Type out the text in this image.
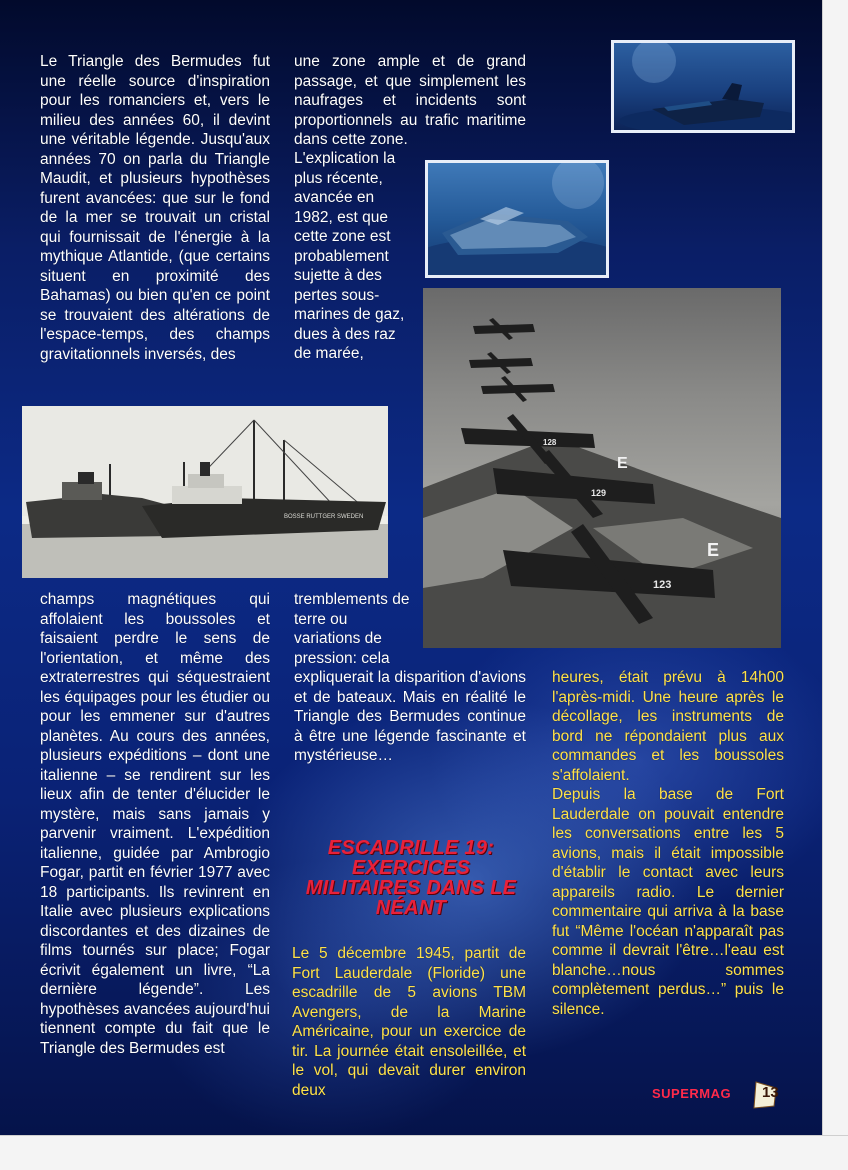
Le Triangle des Bermudes fut une réelle source d'inspiration pour les romanciers et, vers le milieu des années 60, il devint une véritable légende. Jusqu'aux années 70 on parla du Triangle Maudit, et plusieurs hypothèses furent avancées: que sur le fond de la mer se trouvait un cristal qui fournissait de l'énergie à la mythique Atlantide, (que certains situent en proximité des Bahamas) ou bien qu'en ce point se trouvaient des altérations de l'espace-temps, des champs gravitationnels inversés, des

une zone ample et de grand passage, et que simplement les naufrages et incidents sont proportionnels au trafic maritime dans cette zone.

L'explication la plus récente, avancée en 1982, est que cette zone est probablement sujette à des pertes sous-marines de gaz, dues à des raz de marée,

BOSSE RUTTGER SWEDEN
128
129
123
E
E

champs magnétiques qui affolaient les boussoles et faisaient perdre le sens de l'orientation, et même des extraterrestres qui séquestraient les équipages pour les étudier ou pour les emmener sur d'autres planètes. Au cours des années, plusieurs expéditions – dont une italienne – se rendirent sur les lieux afin de tenter d'élucider le mystère, mais sans jamais y parvenir vraiment. L'expédition italienne, guidée par Ambrogio Fogar, partit en février 1977 avec 18 participants. Ils revinrent en Italie avec plusieurs explications discordantes et des dizaines de films tournés sur place; Fogar écrivit également un livre, “La dernière légende”. Les hypothèses avancées aujourd'hui tiennent compte du fait que le Triangle des Bermudes est

tremblements de terre ou variations de pression: cela

expliquerait la disparition d'avions et de bateaux. Mais en réalité le Triangle des Bermudes continue à être une légende fascinante et mystérieuse…

ESCADRILLE 19: EXERCICES MILITAIRES DANS LE NÉANT

Le 5 décembre 1945, partit de Fort Lauderdale (Floride) une escadrille de 5 avions TBM Avengers, de la Marine Américaine, pour un exercice de tir. La journée était ensoleillée, et le vol, qui devait durer environ deux

heures, était prévu à 14h00 l'après-midi. Une heure après le décollage, les instruments de bord ne répondaient plus aux commandes et les boussoles s'affolaient.

Depuis la base de Fort Lauderdale on pouvait entendre les conversations entre les 5 avions, mais il était impossible d'établir le contact avec leurs appareils radio. Le dernier commentaire qui arriva à la base fut “Même l'océan n'apparaît pas comme il devrait l'être…l'eau est blanche…nous sommes complètement perdus…” puis le silence.

SUPERMAG 13
